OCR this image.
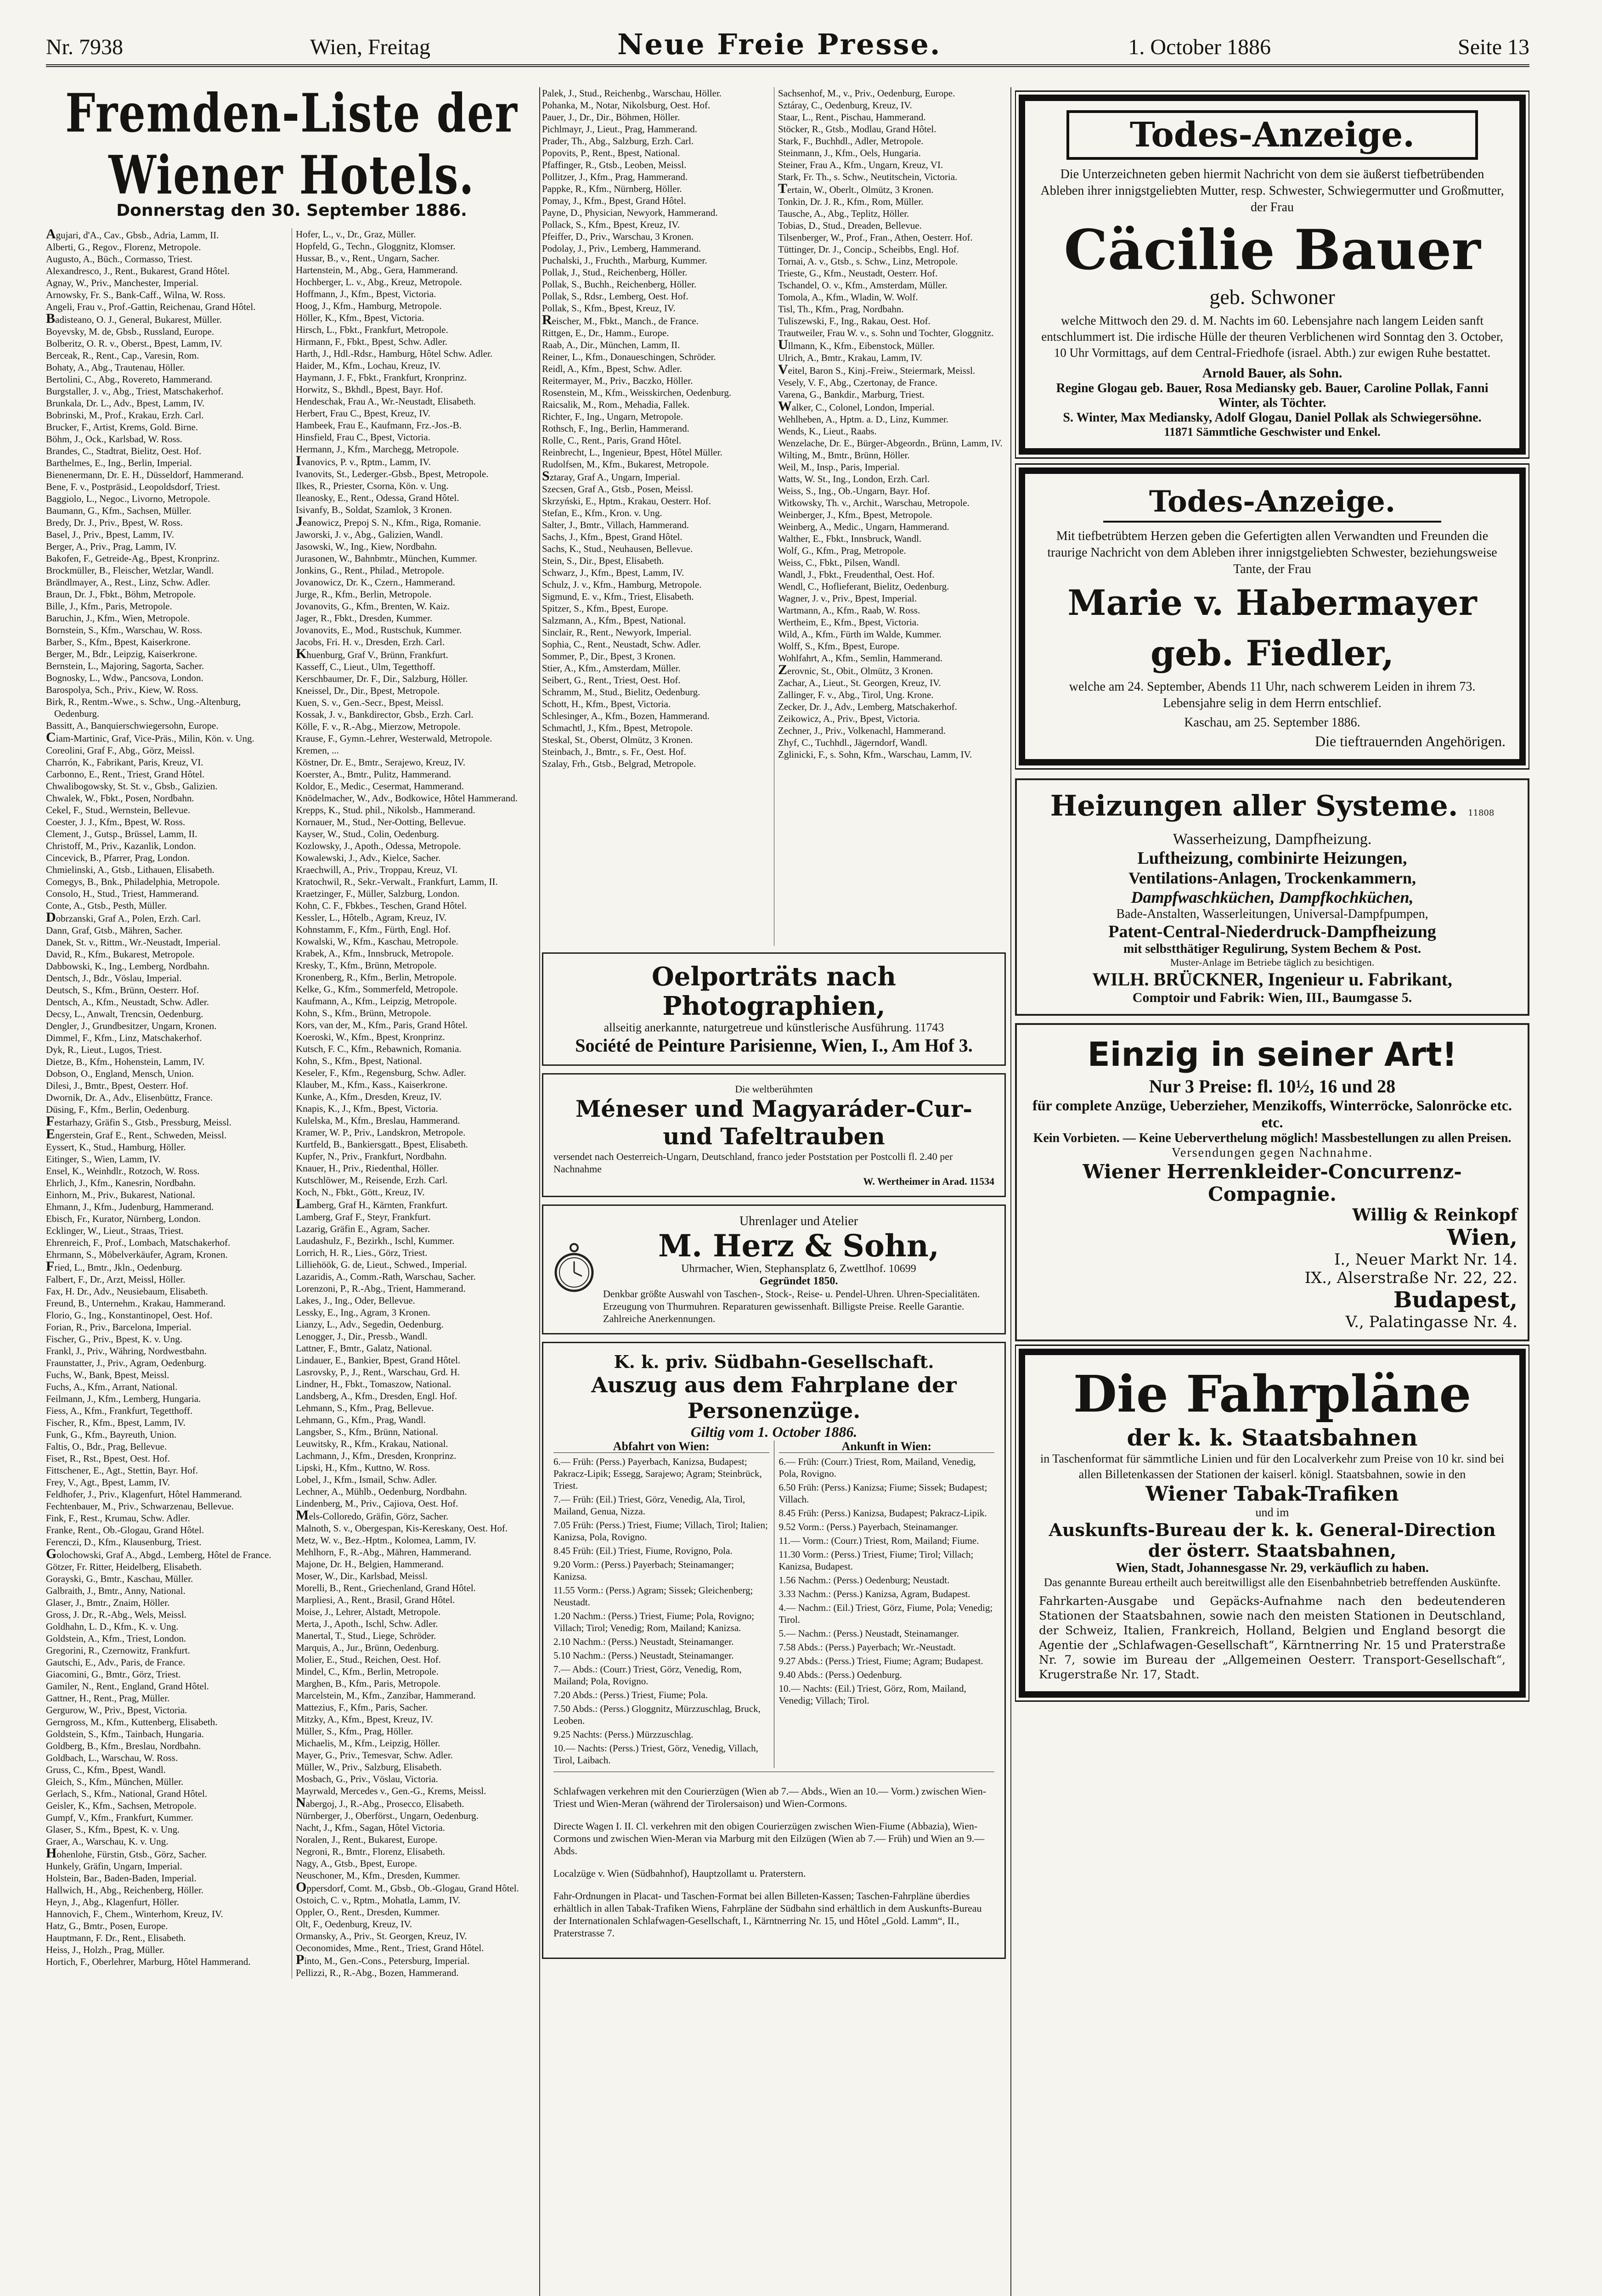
Nr. 7938	Wien, Freitag	Neue Freie Presse.	1. October 1886	Seite 13
Fremden-Liste der Wiener Hotels.
Donnerstag den 30. September 1886.

Agujari, d'A., Cav., Gbsb., Adria, Lamm, II.

Alberti, G., Regov., Florenz, Metropole.

Augusto, A., Büch., Cormasso, Triest.

Alexandresco, J., Rent., Bukarest, Grand Hôtel.

Agnay, W., Priv., Manchester, Imperial.

Arnowsky, Fr. S., Bank-Caff., Wilna, W. Ross.

Angeli, Frau v., Prof.-Gattin, Reichenau, Grand Hôtel.

Badisteano, O. J., General, Bukarest, Müller.

Boyevsky, M. de, Gbsb., Russland, Europe.

Bolberitz, O. R. v., Oberst., Bpest, Lamm, IV.

Berceak, R., Rent., Cap., Varesin, Rom.

Bohaty, A., Abg., Trautenau, Höller.

Bertolini, C., Abg., Rovereto, Hammerand.

Burgstaller, J. v., Abg., Triest, Matschakerhof.

Brunkala, Dr. L., Adv., Bpest, Lamm, IV.

Bobrinski, M., Prof., Krakau, Erzh. Carl.

Brucker, F., Artist, Krems, Gold. Birne.

Böhm, J., Ock., Karlsbad, W. Ross.

Brandes, C., Stadtrat, Bielitz, Oest. Hof.

Barthelmes, E., Ing., Berlin, Imperial.

Bienenermann, Dr. E. H., Düsseldorf, Hammerand.

Bene, F. v., Postpräsid., Leopoldsdorf, Triest.

Baggiolo, L., Negoc., Livorno, Metropole.

Baumann, G., Kfm., Sachsen, Müller.

Bredy, Dr. J., Priv., Bpest, W. Ross.

Basel, J., Priv., Bpest, Lamm, IV.

Berger, A., Priv., Prag, Lamm, IV.

Bakofen, F., Getreide-Ag., Bpest, Kronprinz.

Brockmüller, B., Fleischer, Wetzlar, Wandl.

Brändlmayer, A., Rest., Linz, Schw. Adler.

Braun, Dr. J., Fbkt., Böhm, Metropole.

Bille, J., Kfm., Paris, Metropole.

Baruchin, J., Kfm., Wien, Metropole.

Bornstein, S., Kfm., Warschau, W. Ross.

Barber, S., Kfm., Bpest, Kaiserkrone.

Berger, M., Bdr., Leipzig, Kaiserkrone.

Bernstein, L., Majoring, Sagorta, Sacher.

Bognosky, L., Wdw., Pancsova, London.

Barospolya, Sch., Priv., Kiew, W. Ross.

Birk, R., Rentm.-Wwe., s. Schw., Ung.-Altenburg, Oedenburg.

Bassitt, A., Banquierschwiegersohn, Europe.

Ciam-Martinic, Graf, Vice-Präs., Milin, Kön. v. Ung.

Coreolini, Graf F., Abg., Görz, Meissl.

Charrón, K., Fabrikant, Paris, Kreuz, VI.

Carbonno, E., Rent., Triest, Grand Hôtel.

Chwalibogowsky, St. St. v., Gbsb., Galizien.

Chwalek, W., Fbkt., Posen, Nordbahn.

Cekel, F., Stud., Wernstein, Bellevue.

Coester, J. J., Kfm., Bpest, W. Ross.

Clement, J., Gutsp., Brüssel, Lamm, II.

Christoff, M., Priv., Kazanlik, London.

Cincevick, B., Pfarrer, Prag, London.

Chmielinski, A., Gtsb., Lithauen, Elisabeth.

Comegys, B., Bnk., Philadelphia, Metropole.

Consolo, H., Stud., Triest, Hammerand.

Conte, A., Gtsb., Pesth, Müller.

Dobrzanski, Graf A., Polen, Erzh. Carl.

Dann, Graf, Gtsb., Mähren, Sacher.

Danek, St. v., Rittm., Wr.-Neustadt, Imperial.

David, R., Kfm., Bukarest, Metropole.

Dabbowski, K., Ing., Lemberg, Nordbahn.

Dentsch, J., Bdr., Vöslau, Imperial.

Deutsch, S., Kfm., Brünn, Oesterr. Hof.

Dentsch, A., Kfm., Neustadt, Schw. Adler.

Decsy, L., Anwalt, Trencsin, Oedenburg.

Dengler, J., Grundbesitzer, Ungarn, Kronen.

Dimmel, F., Kfm., Linz, Matschakerhof.

Dyk, R., Lieut., Lugos, Triest.

Dietze, B., Kfm., Hohenstein, Lamm, IV.

Dobson, O., England, Mensch, Union.

Dilesi, J., Bmtr., Bpest, Oesterr. Hof.

Dwornik, Dr. A., Adv., Elisenbüttz, France.

Düsing, F., Kfm., Berlin, Oedenburg.

Festarhazy, Gräfin S., Gtsb., Pressburg, Meissl.

Engerstein, Graf E., Rent., Schweden, Meissl.

Eyssert, K., Stud., Hamburg, Höller.

Eitinger, S., Wien, Lamm, IV.

Ensel, K., Weinhdlr., Rotzoch, W. Ross.

Ehrlich, J., Kfm., Kanesrin, Nordbahn.

Einhorn, M., Priv., Bukarest, National.

Ehmann, J., Kfm., Judenburg, Hammerand.

Ebisch, Fr., Kurator, Nürnberg, London.

Ecklinger, W., Lieut., Straas, Triest.

Ehrenreich, F., Prof., Lombach, Matschakerhof.

Ehrmann, S., Möbelverkäufer, Agram, Kronen.

Fried, L., Bmtr., Jkln., Oedenburg.

Falbert, F., Dr., Arzt, Meissl, Höller.

Fax, H. Dr., Adv., Neusiebaum, Elisabeth.

Freund, B., Unternehm., Krakau, Hammerand.

Florio, G., Ing., Konstantinopel, Oest. Hof.

Forian, R., Priv., Barcelona, Imperial.

Fischer, G., Priv., Bpest, K. v. Ung.

Frankl, J., Priv., Währing, Nordwestbahn.

Fraunstatter, J., Priv., Agram, Oedenburg.

Fuchs, W., Bank, Bpest, Meissl.

Fuchs, A., Kfm., Arrant, National.

Feilmann, J., Kfm., Lemberg, Hungaria.

Fiess, A., Kfm., Frankfurt, Tegetthoff.

Fischer, R., Kfm., Bpest, Lamm, IV.

Funk, G., Kfm., Bayreuth, Union.

Faltis, O., Bdr., Prag, Bellevue.

Fiset, R., Rst., Bpest, Oest. Hof.

Fittschener, E., Agt., Stettin, Bayr. Hof.

Frey, V., Agt., Bpest, Lamm, IV.

Feldhofer, J., Priv., Klagenfurt, Hôtel Hammerand.

Fechtenbauer, M., Priv., Schwarzenau, Bellevue.

Fink, F., Rest., Krumau, Schw. Adler.

Franke, Rent., Ob.-Glogau, Grand Hôtel.

Ferenczi, D., Kfm., Klausenburg, Triest.

Golochowski, Graf A., Abgd., Lemberg, Hôtel de France.

Götzer, Fr. Ritter, Heidelberg, Elisabeth.

Gorayski, G., Bmtr., Kaschau, Müller.

Galbraith, J., Bmtr., Anny, National.

Glaser, J., Bmtr., Znaim, Höller.

Gross, J. Dr., R.-Abg., Wels, Meissl.

Goldhahn, L. D., Kfm., K. v. Ung.

Goldstein, A., Kfm., Triest, London.

Gregorini, R., Czernowitz, Frankfurt.

Gautschi, E., Adv., Paris, de France.

Giacomini, G., Bmtr., Görz, Triest.

Gamiler, N., Rent., England, Grand Hôtel.

Gattner, H., Rent., Prag, Müller.

Gergurow, W., Priv., Bpest, Victoria.

Gerngross, M., Kfm., Kuttenberg, Elisabeth.

Goldstein, S., Kfm., Tainbach, Hungaria.

Goldberg, B., Kfm., Breslau, Nordbahn.

Goldbach, L., Warschau, W. Ross.

Gruss, C., Kfm., Bpest, Wandl.

Gleich, S., Kfm., München, Müller.

Gerlach, S., Kfm., National, Grand Hôtel.

Geisler, K., Kfm., Sachsen, Metropole.

Gumpf, V., Kfm., Frankfurt, Kummer.

Glaser, S., Kfm., Bpest, K. v. Ung.

Graer, A., Warschau, K. v. Ung.

Hohenlohe, Fürstin, Gtsb., Görz, Sacher.

Hunkely, Gräfin, Ungarn, Imperial.

Holstein, Bar., Baden-Baden, Imperial.

Hallwich, H., Abg., Reichenberg, Höller.

Heyn, J., Abg., Klagenfurt, Höller.

Hannovich, F., Chem., Winterhom, Kreuz, IV.

Hatz, G., Bmtr., Posen, Europe.

Hauptmann, F. Dr., Rent., Elisabeth.

Heiss, J., Holzh., Prag, Müller.

Hortich, F., Oberlehrer, Marburg, Hôtel Hammerand.

Hofer, L., v., Dr., Graz, Müller.

Hopfeld, G., Techn., Gloggnitz, Klomser.

Hussar, B., v., Rent., Ungarn, Sacher.

Hartenstein, M., Abg., Gera, Hammerand.

Hochberger, L. v., Abg., Kreuz, Metropole.

Hoffmann, J., Kfm., Bpest, Victoria.

Hoog, J., Kfm., Hamburg, Metropole.

Höller, K., Kfm., Bpest, Victoria.

Hirsch, L., Fbkt., Frankfurt, Metropole.

Hirmann, F., Fbkt., Bpest, Schw. Adler.

Harth, J., Hdl.-Rdsr., Hamburg, Hôtel Schw. Adler.

Haider, M., Kfm., Lochau, Kreuz, IV.

Haymann, J. F., Fbkt., Frankfurt, Kronprinz.

Horwitz, S., Bkhdl., Bpest, Bayr. Hof.

Hendeschak, Frau A., Wr.-Neustadt, Elisabeth.

Herbert, Frau C., Bpest, Kreuz, IV.

Hambeek, Frau E., Kaufmann, Frz.-Jos.-B.

Hinsfield, Frau C., Bpest, Victoria.

Hermann, J., Kfm., Marchegg, Metropole.

Ivanovics, P. v., Rptm., Lamm, IV.

Ivanovits, St., Lederger.-Gbsb., Bpest, Metropole.

Ilkes, R., Priester, Csorna, Kön. v. Ung.

Ileanosky, E., Rent., Odessa, Grand Hôtel.

Isivanfy, B., Soldat, Szamlok, 3 Kronen.

Jeanowicz, Prepoj S. N., Kfm., Riga, Romanie.

Jaworski, J. v., Abg., Galizien, Wandl.

Jasowski, W., Ing., Kiew, Nordbahn.

Jurasonen, W., Bahnbmtr., München, Kummer.

Jonkins, G., Rent., Philad., Metropole.

Jovanowicz, Dr. K., Czern., Hammerand.

Jurge, R., Kfm., Berlin, Metropole.

Jovanovits, G., Kfm., Brenten, W. Kaiz.

Jager, R., Fbkt., Dresden, Kummer.

Jovanovits, E., Mod., Rustschuk, Kummer.

Jacobs, Fri. H. v., Dresden, Erzh. Carl.

Khuenburg, Graf V., Brünn, Frankfurt.

Kasseff, C., Lieut., Ulm, Tegetthoff.

Kerschbaumer, Dr. F., Dir., Salzburg, Höller.

Kneissel, Dr., Dir., Bpest, Metropole.

Kuen, S. v., Gen.-Secr., Bpest, Meissl.

Kossak, J. v., Bankdirector, Gbsb., Erzh. Carl.

Kölle, F. v., R.-Abg., Mierzow, Metropole.

Krause, F., Gymn.-Lehrer, Westerwald, Metropole.

Kremen, ...

Köstner, Dr. E., Bmtr., Serajewo, Kreuz, IV.

Koerster, A., Bmtr., Pulitz, Hammerand.

Koldor, E., Medic., Cesermat, Hammerand.

Knödelmacher, W., Adv., Bodkowice, Hôtel Hammerand.

Krepps, K., Stud. phil., Nikolsb., Hammerand.

Kornauer, M., Stud., Ner-Ootting, Bellevue.

Kayser, W., Stud., Colin, Oedenburg.

Kozlowsky, J., Apoth., Odessa, Metropole.

Kowalewski, J., Adv., Kielce, Sacher.

Kraechwill, A., Priv., Troppau, Kreuz, VI.

Kratochwil, R., Sekr.-Verwalt., Frankfurt, Lamm, II.

Kraetzinger, F., Müller, Salzburg, London.

Kohn, C. F., Fbkbes., Teschen, Grand Hôtel.

Kessler, L., Hôtelb., Agram, Kreuz, IV.

Kohnstamm, F., Kfm., Fürth, Engl. Hof.

Kowalski, W., Kfm., Kaschau, Metropole.

Krabek, A., Kfm., Innsbruck, Metropole.

Kresky, T., Kfm., Brünn, Metropole.

Kronenberg, R., Kfm., Berlin, Metropole.

Kelke, G., Kfm., Sommerfeld, Metropole.

Kaufmann, A., Kfm., Leipzig, Metropole.

Kohn, S., Kfm., Brünn, Metropole.

Kors, van der, M., Kfm., Paris, Grand Hôtel.

Koeroski, W., Kfm., Bpest, Kronprinz.

Kutsch, F. C., Kfm., Rebawnich, Romania.

Kohn, S., Kfm., Bpest, National.

Keseler, F., Kfm., Regensburg, Schw. Adler.

Klauber, M., Kfm., Kass., Kaiserkrone.

Kunke, A., Kfm., Dresden, Kreuz, IV.

Knapis, K., J., Kfm., Bpest, Victoria.

Kulelska, M., Kfm., Breslau, Hammerand.

Kramer, W. P., Priv., Landskron, Metropole.

Kurtfeld, B., Bankiersgatt., Bpest, Elisabeth.

Kupfer, N., Priv., Frankfurt, Nordbahn.

Knauer, H., Priv., Riedenthal, Höller.

Kutschlöwer, M., Reisende, Erzh. Carl.

Koch, N., Fbkt., Gött., Kreuz, IV.

Lamberg, Graf H., Kärnten, Frankfurt.

Lamberg, Graf F., Steyr, Frankfurt.

Lazarig, Gräfin E., Agram, Sacher.

Laudashulz, F., Bezirkh., Ischl, Kummer.

Lorrich, H. R., Lies., Görz, Triest.

Lilliehöök, G. de, Lieut., Schwed., Imperial.

Lazaridis, A., Comm.-Rath, Warschau, Sacher.

Lorenzoni, P., R.-Abg., Trient, Hammerand.

Lakes, J., Ing., Oder, Bellevue.

Lessky, E., Ing., Agram, 3 Kronen.

Lianzy, L., Adv., Segedin, Oedenburg.

Lenogger, J., Dir., Pressb., Wandl.

Lattner, F., Bmtr., Galatz, National.

Lindauer, E., Bankier, Bpest, Grand Hôtel.

Lasrovsky, P., J., Rent., Warschau, Grd. H.

Lindner, H., Fbkt., Tomaszow, National.

Landsberg, A., Kfm., Dresden, Engl. Hof.

Lehmann, S., Kfm., Prag, Bellevue.

Lehmann, G., Kfm., Prag, Wandl.

Langsber, S., Kfm., Brünn, National.

Leuwitsky, R., Kfm., Krakau, National.

Lachmann, J., Kfm., Dresden, Kronprinz.

Lipski, H., Kfm., Kuttno, W. Ross.

Lobel, J., Kfm., Ismail, Schw. Adler.

Lechner, A., Mühlb., Oedenburg, Nordbahn.

Lindenberg, M., Priv., Cajiova, Oest. Hof.

Mels-Colloredo, Gräfin, Görz, Sacher.

Malnoth, S. v., Obergespan, Kis-Kereskany, Oest. Hof.

Metz, W. v., Bez.-Hptm., Kolomea, Lamm, IV.

Mehlhorn, F., R.-Abg., Mähren, Hammerand.

Majone, Dr. H., Belgien, Hammerand.

Moser, W., Dir., Karlsbad, Meissl.

Morelli, B., Rent., Griechenland, Grand Hôtel.

Marpliesi, A., Rent., Brasil, Grand Hôtel.

Moise, J., Lehrer, Alstadt, Metropole.

Merta, J., Apoth., Ischl, Schw. Adler.

Manertal, T., Stud., Liege, Schröder.

Marquis, A., Jur., Brünn, Oedenburg.

Molier, E., Stud., Reichen, Oest. Hof.

Mindel, C., Kfm., Berlin, Metropole.

Marghen, B., Kfm., Paris, Metropole.

Marcelstein, M., Kfm., Zanzibar, Hammerand.

Mattezius, F., Kfm., Paris, Sacher.

Mitzky, A., Kfm., Bpest, Kreuz, IV.

Müller, S., Kfm., Prag, Höller.

Michaelis, M., Kfm., Leipzig, Höller.

Mayer, G., Priv., Temesvar, Schw. Adler.

Müller, W., Priv., Salzburg, Elisabeth.

Mosbach, G., Priv., Vöslau, Victoria.

Mayrwald, Mercedes v., Gen.-G., Krems, Meissl.

Nabergoj, J., R.-Abg., Prosecco, Elisabeth.

Nürnberger, J., Oberförst., Ungarn, Oedenburg.

Nacht, J., Kfm., Sagan, Hôtel Victoria.

Noralen, J., Rent., Bukarest, Europe.

Negroni, R., Bmtr., Florenz, Elisabeth.

Nagy, A., Gtsb., Bpest, Europe.

Neuschoner, M., Kfm., Dresden, Kummer.

Oppersdorf, Comt. M., Gbsb., Ob.-Glogau, Grand Hôtel.

Ostoich, C. v., Rptm., Mohatla, Lamm, IV.

Oppler, O., Rent., Dresden, Kummer.

Olt, F., Oedenburg, Kreuz, IV.

Ormansky, A., Priv., St. Georgen, Kreuz, IV.

Oeconomides, Mme., Rent., Triest, Grand Hôtel.

Pinto, M., Gen.-Cons., Petersburg, Imperial.

Pellizzi, R., R.-Abg., Bozen, Hammerand.

Palek, J., Stud., Reichenbg., Warschau, Höller.

Pohanka, M., Notar, Nikolsburg, Oest. Hof.

Pauer, J., Dr., Dir., Böhmen, Höller.

Pichlmayr, J., Lieut., Prag, Hammerand.

Prader, Th., Abg., Salzburg, Erzh. Carl.

Popovits, P., Rent., Bpest, National.

Pfaffinger, R., Gtsb., Leoben, Meissl.

Pollitzer, J., Kfm., Prag, Hammerand.

Pappke, R., Kfm., Nürnberg, Höller.

Pomay, J., Kfm., Bpest, Grand Hôtel.

Payne, D., Physician, Newyork, Hammerand.

Pollack, S., Kfm., Bpest, Kreuz, IV.

Pfeiffer, D., Priv., Warschau, 3 Kronen.

Podolay, J., Priv., Lemberg, Hammerand.

Puchalski, J., Fruchth., Marburg, Kummer.

Pollak, J., Stud., Reichenberg, Höller.

Pollak, S., Buchh., Reichenberg, Höller.

Pollak, S., Rdsr., Lemberg, Oest. Hof.

Pollak, S., Kfm., Bpest, Kreuz, IV.

Reischer, M., Fbkt., Manch., de France.

Rittgen, E., Dr., Hamm., Europe.

Raab, A., Dir., München, Lamm, II.

Reiner, L., Kfm., Donaueschingen, Schröder.

Reidl, A., Kfm., Bpest, Schw. Adler.

Reitermayer, M., Priv., Baczko, Höller.

Rosenstein, M., Kfm., Weisskirchen, Oedenburg.

Raicsalik, M., Rom., Mehadia, Fallek.

Richter, F., Ing., Ungarn, Metropole.

Rothsch, F., Ing., Berlin, Hammerand.

Rolle, C., Rent., Paris, Grand Hôtel.

Reinbrecht, L., Ingenieur, Bpest, Hôtel Müller.

Rudolfsen, M., Kfm., Bukarest, Metropole.

Sztaray, Graf A., Ungarn, Imperial.

Szecsen, Graf A., Gtsb., Posen, Meissl.

Skrzyński, E., Hptm., Krakau, Oesterr. Hof.

Stefan, E., Kfm., Kron. v. Ung.

Salter, J., Bmtr., Villach, Hammerand.

Sachs, J., Kfm., Bpest, Grand Hôtel.

Sachs, K., Stud., Neuhausen, Bellevue.

Stein, S., Dir., Bpest, Elisabeth.

Schwarz, J., Kfm., Bpest, Lamm, IV.

Schulz, J. v., Kfm., Hamburg, Metropole.

Sigmund, E. v., Kfm., Triest, Elisabeth.

Spitzer, S., Kfm., Bpest, Europe.

Salzmann, A., Kfm., Bpest, National.

Sinclair, R., Rent., Newyork, Imperial.

Sophia, C., Rent., Neustadt, Schw. Adler.

Sommer, P., Dir., Bpest, 3 Kronen.

Stier, A., Kfm., Amsterdam, Müller.

Seibert, G., Rent., Triest, Oest. Hof.

Schramm, M., Stud., Bielitz, Oedenburg.

Schott, H., Kfm., Bpest, Victoria.

Schlesinger, A., Kfm., Bozen, Hammerand.

Schmachtl, J., Kfm., Bpest, Metropole.

Steskal, St., Oberst, Olmütz, 3 Kronen.

Steinbach, J., Bmtr., s. Fr., Oest. Hof.

Szalay, Frh., Gtsb., Belgrad, Metropole.

Sachsenhof, M., v., Priv., Oedenburg, Europe.

Sztáray, C., Oedenburg, Kreuz, IV.

Staar, L., Rent., Pischau, Hammerand.

Stöcker, R., Gtsb., Modlau, Grand Hôtel.

Stark, F., Buchhdl., Adler, Metropole.

Steinmann, J., Kfm., Oels, Hungaria.

Steiner, Frau A., Kfm., Ungarn, Kreuz, VI.

Stark, Fr. Th., s. Schw., Neutitschein, Victoria.

Tertain, W., Oberlt., Olmütz, 3 Kronen.

Tonkin, Dr. J. R., Kfm., Rom, Müller.

Tausche, A., Abg., Teplitz, Höller.

Tobias, D., Stud., Dreaden, Bellevue.

Tilsenberger, W., Prof., Fran., Athen, Oesterr. Hof.

Tüttinger, Dr. J., Concip., Scheibbs, Engl. Hof.

Tornai, A. v., Gtsb., s. Schw., Linz, Metropole.

Trieste, G., Kfm., Neustadt, Oesterr. Hof.

Tschandel, O. v., Kfm., Amsterdam, Müller.

Tomola, A., Kfm., Wladin, W. Wolf.

Tisl, Th., Kfm., Prag, Nordbahn.

Tuliszewski, F., Ing., Rakau, Oest. Hof.

Trautweiler, Frau W. v., s. Sohn und Tochter, Gloggnitz.

Ullmann, K., Kfm., Eibenstock, Müller.

Ulrich, A., Bmtr., Krakau, Lamm, IV.

Veitel, Baron S., Kinj.-Freiw., Steiermark, Meissl.

Vesely, V. F., Abg., Czertonay, de France.

Varena, G., Bankdir., Marburg, Triest.

Walker, C., Colonel, London, Imperial.

Wehlheben, A., Hptm. a. D., Linz, Kummer.

Wends, K., Lieut., Raabs.

Wenzelache, Dr. E., Bürger-Abgeordn., Brünn, Lamm, IV.

Wilting, M., Bmtr., Brünn, Höller.

Weil, M., Insp., Paris, Imperial.

Watts, W. St., Ing., London, Erzh. Carl.

Weiss, S., Ing., Ob.-Ungarn, Bayr. Hof.

Witkowsky, Th. v., Archit., Warschau, Metropole.

Weinberger, J., Kfm., Bpest, Metropole.

Weinberg, A., Medic., Ungarn, Hammerand.

Walther, E., Fbkt., Innsbruck, Wandl.

Wolf, G., Kfm., Prag, Metropole.

Weiss, C., Fbkt., Pilsen, Wandl.

Wandl, J., Fbkt., Freudenthal, Oest. Hof.

Wendl, C., Hoflieferant, Bielitz, Oedenburg.

Wagner, J. v., Priv., Bpest, Imperial.

Wartmann, A., Kfm., Raab, W. Ross.

Wertheim, E., Kfm., Bpest, Victoria.

Wild, A., Kfm., Fürth im Walde, Kummer.

Wolff, S., Kfm., Bpest, Europe.

Wohlfahrt, A., Kfm., Semlin, Hammerand.

Zerovnic, St., Obit., Olmütz, 3 Kronen.

Zachar, A., Lieut., St. Georgen, Kreuz, IV.

Zallinger, F. v., Abg., Tirol, Ung. Krone.

Zecker, Dr. J., Adv., Lemberg, Matschakerhof.

Zeikowicz, A., Priv., Bpest, Victoria.

Zechner, J., Priv., Volkenachl, Hammerand.

Zhyf, C., Tuchhdl., Jägerndorf, Wandl.

Zglinicki, F., s. Sohn, Kfm., Warschau, Lamm, IV.

Oelporträts nach Photographien,
allseitig anerkannte, naturgetreue und künstlerische Ausführung. 11743
Société de Peinture Parisienne, Wien, I., Am Hof 3.
Die weltberühmten
Méneser und Magyaráder-Cur- und Tafeltrauben
versendet nach Oesterreich-Ungarn, Deutschland, franco jeder Poststation per Postcolli fl. 2.40 per Nachnahme
W. Wertheimer in Arad. 11534
Uhrenlager und Atelier
M. Herz & Sohn,
Uhrmacher, Wien, Stephansplatz 6, Zwettlhof. 10699
Gegründet 1850.
Denkbar größte Auswahl von Taschen-, Stock-, Reise- u. Pendel-Uhren. Uhren-Specialitäten. Erzeugung von Thurmuhren. Reparaturen gewissenhaft. Billigste Preise. Reelle Garantie. Zahlreiche Anerkennungen.
K. k. priv. Südbahn-Gesellschaft.
Auszug aus dem Fahrplane der Personenzüge.
Giltig vom 1. October 1886.
Abfahrt von Wien:

6.— Früh: (Perss.) Payerbach, Kanizsa, Budapest; Pakracz-Lipik; Essegg, Sarajewo; Agram; Steinbrück, Triest.

7.— Früh: (Eil.) Triest, Görz, Venedig, Ala, Tirol, Mailand, Genua, Nizza.

7.05 Früh: (Perss.) Triest, Fiume; Villach, Tirol; Italien; Kanizsa, Pola, Rovigno.

8.45 Früh: (Eil.) Triest, Fiume, Rovigno, Pola.

9.20 Vorm.: (Perss.) Payerbach; Steinamanger; Kanizsa.

11.55 Vorm.: (Perss.) Agram; Sissek; Gleichenberg; Neustadt.

1.20 Nachm.: (Perss.) Triest, Fiume; Pola, Rovigno; Villach; Tirol; Venedig; Rom, Mailand; Kanizsa.

2.10 Nachm.: (Perss.) Neustadt, Steinamanger.

5.10 Nachm.: (Perss.) Neustadt, Steinamanger.

7.— Abds.: (Courr.) Triest, Görz, Venedig, Rom, Mailand; Pola, Rovigno.

7.20 Abds.: (Perss.) Triest, Fiume; Pola.

7.50 Abds.: (Perss.) Gloggnitz, Mürzzuschlag, Bruck, Leoben.

9.25 Nachts: (Perss.) Mürzzuschlag.

10.— Nachts: (Perss.) Triest, Görz, Venedig, Villach, Tirol, Laibach.

Ankunft in Wien:

6.— Früh: (Courr.) Triest, Rom, Mailand, Venedig, Pola, Rovigno.

6.50 Früh: (Perss.) Kanizsa; Fiume; Sissek; Budapest; Villach.

8.45 Früh: (Perss.) Kanizsa, Budapest; Pakracz-Lipik.

9.52 Vorm.: (Perss.) Payerbach, Steinamanger.

11.— Vorm.: (Courr.) Triest, Rom, Mailand; Fiume.

11.30 Vorm.: (Perss.) Triest, Fiume; Tirol; Villach; Kanizsa, Budapest.

1.56 Nachm.: (Perss.) Oedenburg; Neustadt.

3.33 Nachm.: (Perss.) Kanizsa, Agram, Budapest.

4.— Nachm.: (Eil.) Triest, Görz, Fiume, Pola; Venedig; Tirol.

5.— Nachm.: (Perss.) Neustadt, Steinamanger.

7.58 Abds.: (Perss.) Payerbach; Wr.-Neustadt.

9.27 Abds.: (Perss.) Triest, Fiume; Agram; Budapest.

9.40 Abds.: (Perss.) Oedenburg.

10.— Nachts: (Eil.) Triest, Görz, Rom, Mailand, Venedig; Villach; Tirol.

Schlafwagen verkehren mit den Courierzügen (Wien ab 7.— Abds., Wien an 10.— Vorm.) zwischen Wien-Triest und Wien-Meran (während der Tirolersaison) und Wien-Cormons.

Directe Wagen I. II. Cl. verkehren mit den obigen Courierzügen zwischen Wien-Fiume (Abbazia), Wien-Cormons und zwischen Wien-Meran via Marburg mit den Eilzügen (Wien ab 7.— Früh) und Wien an 9.— Abds.

Localzüge v. Wien (Südbahnhof), Hauptzollamt u. Praterstern.

Fahr-Ordnungen in Placat- und Taschen-Format bei allen Billeten-Kassen; Taschen-Fahrpläne überdies erhältlich in allen Tabak-Trafiken Wiens, Fahrpläne der Südbahn sind erhältlich in dem Auskunfts-Bureau der Internationalen Schlafwagen-Gesellschaft, I., Kärntnerring Nr. 15, und Hôtel „Gold. Lamm“, II., Praterstrasse 7.

Todes-Anzeige.
Die Unterzeichneten geben hiermit Nachricht von dem sie äußerst tiefbetrübenden Ableben ihrer innigstgeliebten Mutter, resp. Schwester, Schwiegermutter und Großmutter, der Frau
Cäcilie Bauer
geb. Schwoner
welche Mittwoch den 29. d. M. Nachts im 60. Lebensjahre nach langem Leiden sanft entschlummert ist. Die irdische Hülle der theuren Verblichenen wird Sonntag den 3. October, 10 Uhr Vormittags, auf dem Central-Friedhofe (israel. Abth.) zur ewigen Ruhe bestattet.
Arnold Bauer, als Sohn.
Regine Glogau geb. Bauer, Rosa Mediansky geb. Bauer, Caroline Pollak, Fanni Winter, als Töchter.
S. Winter, Max Mediansky, Adolf Glogau, Daniel Pollak als Schwiegersöhne.
11871 Sämmtliche Geschwister und Enkel.
Todes-Anzeige.
Mit tiefbetrübtem Herzen geben die Gefertigten allen Verwandten und Freunden die traurige Nachricht von dem Ableben ihrer innigstgeliebten Schwester, beziehungsweise Tante, der Frau
Marie v. Habermayer geb. Fiedler,
welche am 24. September, Abends 11 Uhr, nach schwerem Leiden in ihrem 73. Lebensjahre selig in dem Herrn entschlief.
Kaschau, am 25. September 1886.
Die tieftrauernden Angehörigen.
Heizungen aller Systeme. 11808
Wasserheizung, Dampfheizung.
Luftheizung, combinirte Heizungen,
Ventilations-Anlagen, Trockenkammern,
Dampfwaschküchen, Dampfkochküchen,
Bade-Anstalten, Wasserleitungen, Universal-Dampfpumpen,
Patent-Central-Niederdruck-Dampfheizung
mit selbstthätiger Regulirung, System Bechem & Post.
Muster-Anlage im Betriebe täglich zu besichtigen.
WILH. BRÜCKNER, Ingenieur u. Fabrikant,
Comptoir und Fabrik: Wien, III., Baumgasse 5.
Einzig in seiner Art!
Nur 3 Preise: fl. 10½, 16 und 28
für complete Anzüge, Ueberzieher, Menzikoffs, Winterröcke, Salonröcke etc. etc.
Kein Vorbieten. — Keine Ueberverthelung möglich! Massbestellungen zu allen Preisen.
Versendungen gegen Nachnahme.
Wiener Herrenkleider-Concurrenz-Compagnie.
Willig & Reinkopf
Wien,
I., Neuer Markt Nr. 14.
IX., Alserstraße Nr. 22, 22.
Budapest,
V., Palatingasse Nr. 4.
Die Fahrpläne
der k. k. Staatsbahnen
in Taschenformat für sämmtliche Linien und für den Localverkehr zum Preise von 10 kr. sind bei allen Billetenkassen der Stationen der kaiserl. königl. Staatsbahnen, sowie in den
Wiener Tabak-Trafiken
und im
Auskunfts-Bureau der k. k. General-Direction der österr. Staatsbahnen,
Wien, Stadt, Johannesgasse Nr. 29, verkäuflich zu haben.
Das genannte Bureau ertheilt auch bereitwilligst alle den Eisenbahnbetrieb betreffenden Auskünfte.
Fahrkarten-Ausgabe und Gepäcks-Aufnahme nach den bedeutenderen Stationen der Staatsbahnen, sowie nach den meisten Stationen in Deutschland, der Schweiz, Italien, Frankreich, Holland, Belgien und England besorgt die Agentie der „Schlafwagen-Gesellschaft“, Kärntnerring Nr. 15 und Praterstraße Nr. 7, sowie im Bureau der „Allgemeinen Oesterr. Transport-Gesellschaft“, Krugerstraße Nr. 17, Stadt.
